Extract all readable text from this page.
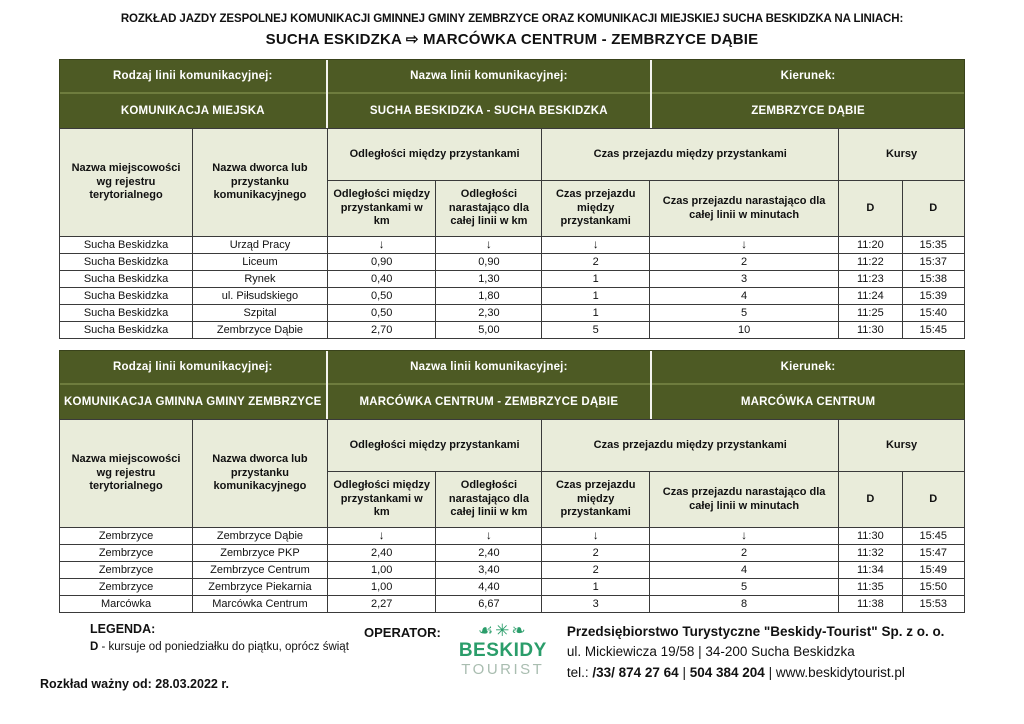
ROZKŁAD JAZDY ZESPOLNEJ KOMUNIKACJI GMINNEJ GMINY ZEMBRZYCE ORAZ KOMUNIKACJI MIEJSKIEJ SUCHA BESKIDZKA NA LINIACH:
SUCHA ESKIDZKA ⇨ MARCÓWKA CENTRUM - ZEMBRZYCE DĄBIE
Rodzaj linii komunikacyjnej:
KOMUNIKACJA MIEJSKA
Nazwa linii komunikacyjnej:
SUCHA BESKIDZKA - SUCHA BESKIDZKA
Kierunek:
ZEMBRZYCE DĄBIE
Nazwa miejscowości wg rejestru terytorialnego	Nazwa dworca lub przystanku komunikacyjnego	Odległości między przystankami		Czas przejazdu między przystankami		Kursy	
		Odległości między przystankami w km	Odległości narastająco dla całej linii w km	Czas przejazdu między przystankami	Czas przejazdu narastająco dla całej linii w minutach	D	D
Sucha Beskidzka	Urząd Pracy	↓	↓	↓	↓	11:20	15:35
Sucha Beskidzka	Liceum	0,90	0,90	2	2	11:22	15:37
Sucha Beskidzka	Rynek	0,40	1,30	1	3	11:23	15:38
Sucha Beskidzka	ul. Piłsudskiego	0,50	1,80	1	4	11:24	15:39
Sucha Beskidzka	Szpital	0,50	2,30	1	5	11:25	15:40
Sucha Beskidzka	Zembrzyce Dąbie	2,70	5,00	5	10	11:30	15:45
Rodzaj linii komunikacyjnej:
KOMUNIKACJA GMINNA GMINY ZEMBRZYCE
Nazwa linii komunikacyjnej:
MARCÓWKA CENTRUM - ZEMBRZYCE DĄBIE
Kierunek:
MARCÓWKA CENTRUM
Nazwa miejscowości wg rejestru terytorialnego	Nazwa dworca lub przystanku komunikacyjnego	Odległości między przystankami		Czas przejazdu między przystankami		Kursy	
		Odległości między przystankami w km	Odległości narastająco dla całej linii w km	Czas przejazdu między przystankami	Czas przejazdu narastająco dla całej linii w minutach	D	D
Zembrzyce	Zembrzyce Dąbie	↓	↓	↓	↓	11:30	15:45
Zembrzyce	Zembrzyce PKP	2,40	2,40	2	2	11:32	15:47
Zembrzyce	Zembrzyce Centrum	1,00	3,40	2	4	11:34	15:49
Zembrzyce	Zembrzyce Piekarnia	1,00	4,40	1	5	11:35	15:50
Marcówka	Marcówka Centrum	2,27	6,67	3	8	11:38	15:53
LEGENDA:
D - kursuje od poniedziałku do piątku, oprócz świąt
Rozkład ważny od: 28.03.2022 r.
OPERATOR:	☙✳❧
BESKIDY
TOURIST
Przedsiębiorstwo Turystyczne "Beskidy-Tourist" Sp. z o. o.
ul. Mickiewicza 19/58 | 34-200 Sucha Beskidzka
tel.: /33/ 874 27 64 | 504 384 204 | www.beskidytourist.pl
